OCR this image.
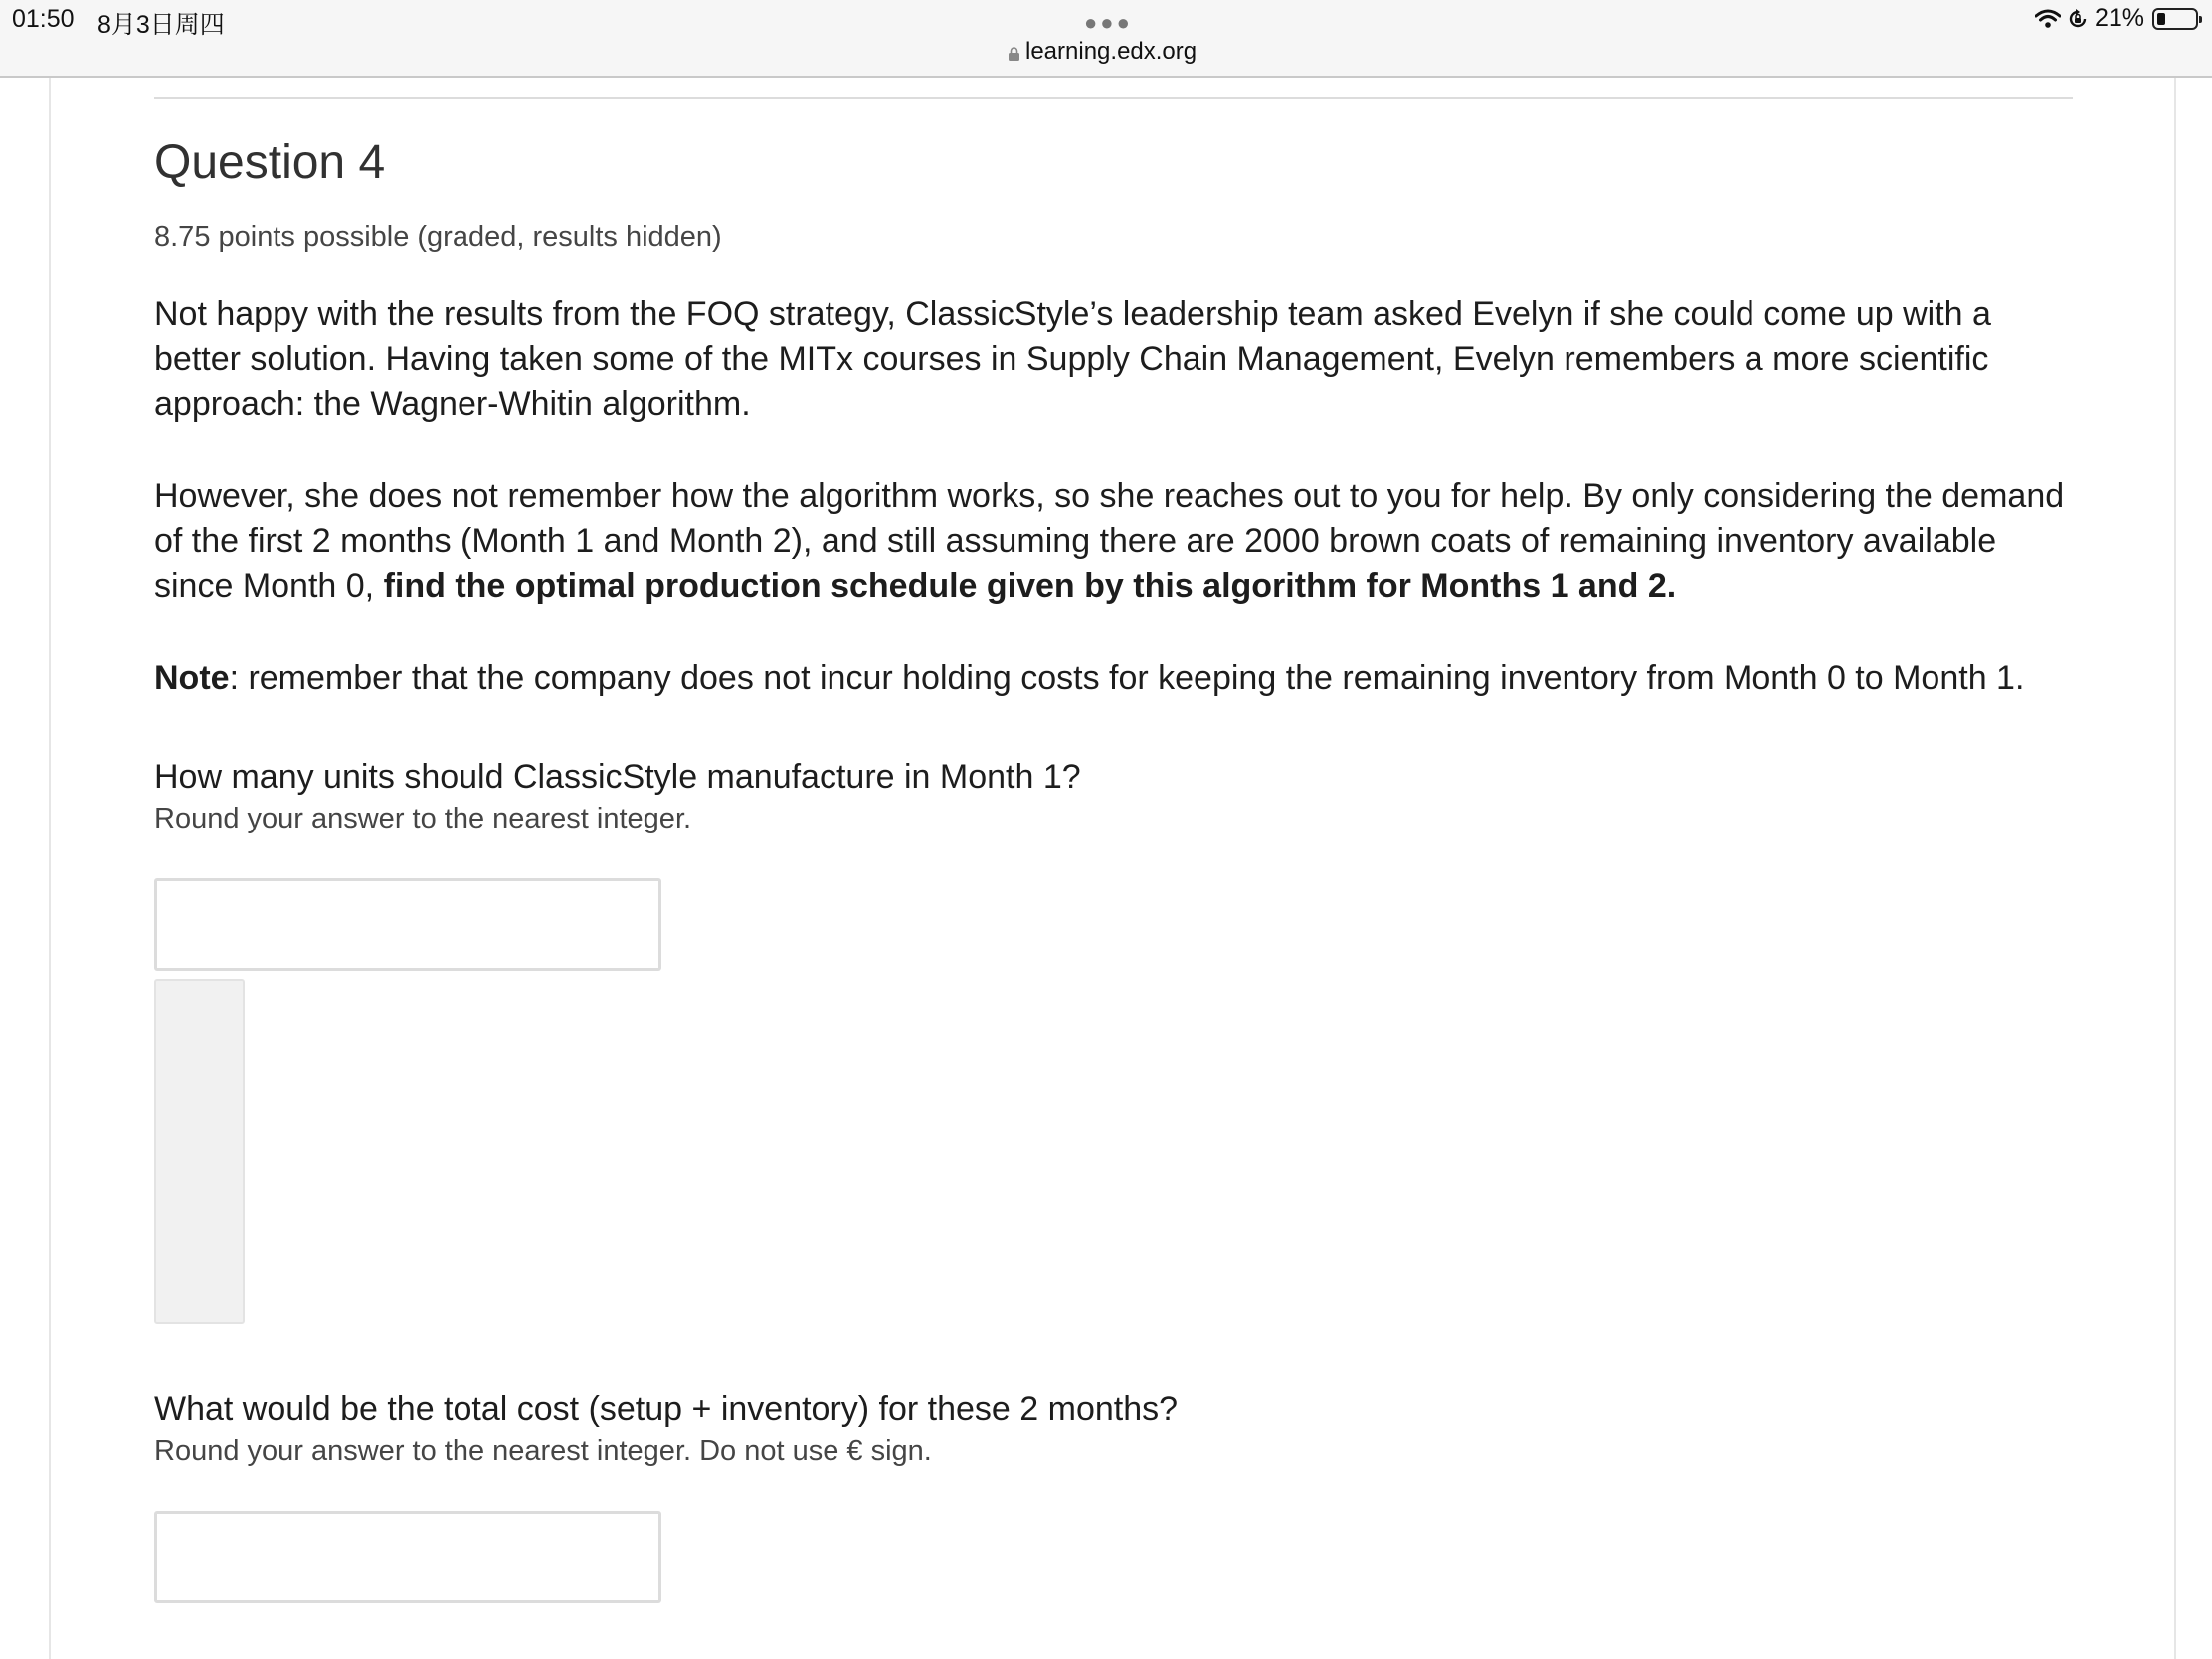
01:50 8月3日周四	●●●
learning.edx.org
21%
Question 4
8.75 points possible (graded, results hidden)

Not happy with the results from the FOQ strategy, ClassicStyle’s leadership team asked Evelyn if she could come up with a better solution. Having taken some of the MITx courses in Supply Chain Management, Evelyn remembers a more scientific approach: the Wagner-Whitin algorithm.

However, she does not remember how the algorithm works, so she reaches out to you for help. By only considering the demand of the first 2 months (Month 1 and Month 2), and still assuming there are 2000 brown coats of remaining inventory available since Month 0, find the optimal production schedule given by this algorithm for Months 1 and 2.

Note: remember that the company does not incur holding costs for keeping the remaining inventory from Month 0 to Month 1.

How many units should ClassicStyle manufacture in Month 1?

Round your answer to the nearest integer.

What would be the total cost (setup + inventory) for these 2 months?

Round your answer to the nearest integer. Do not use € sign.
